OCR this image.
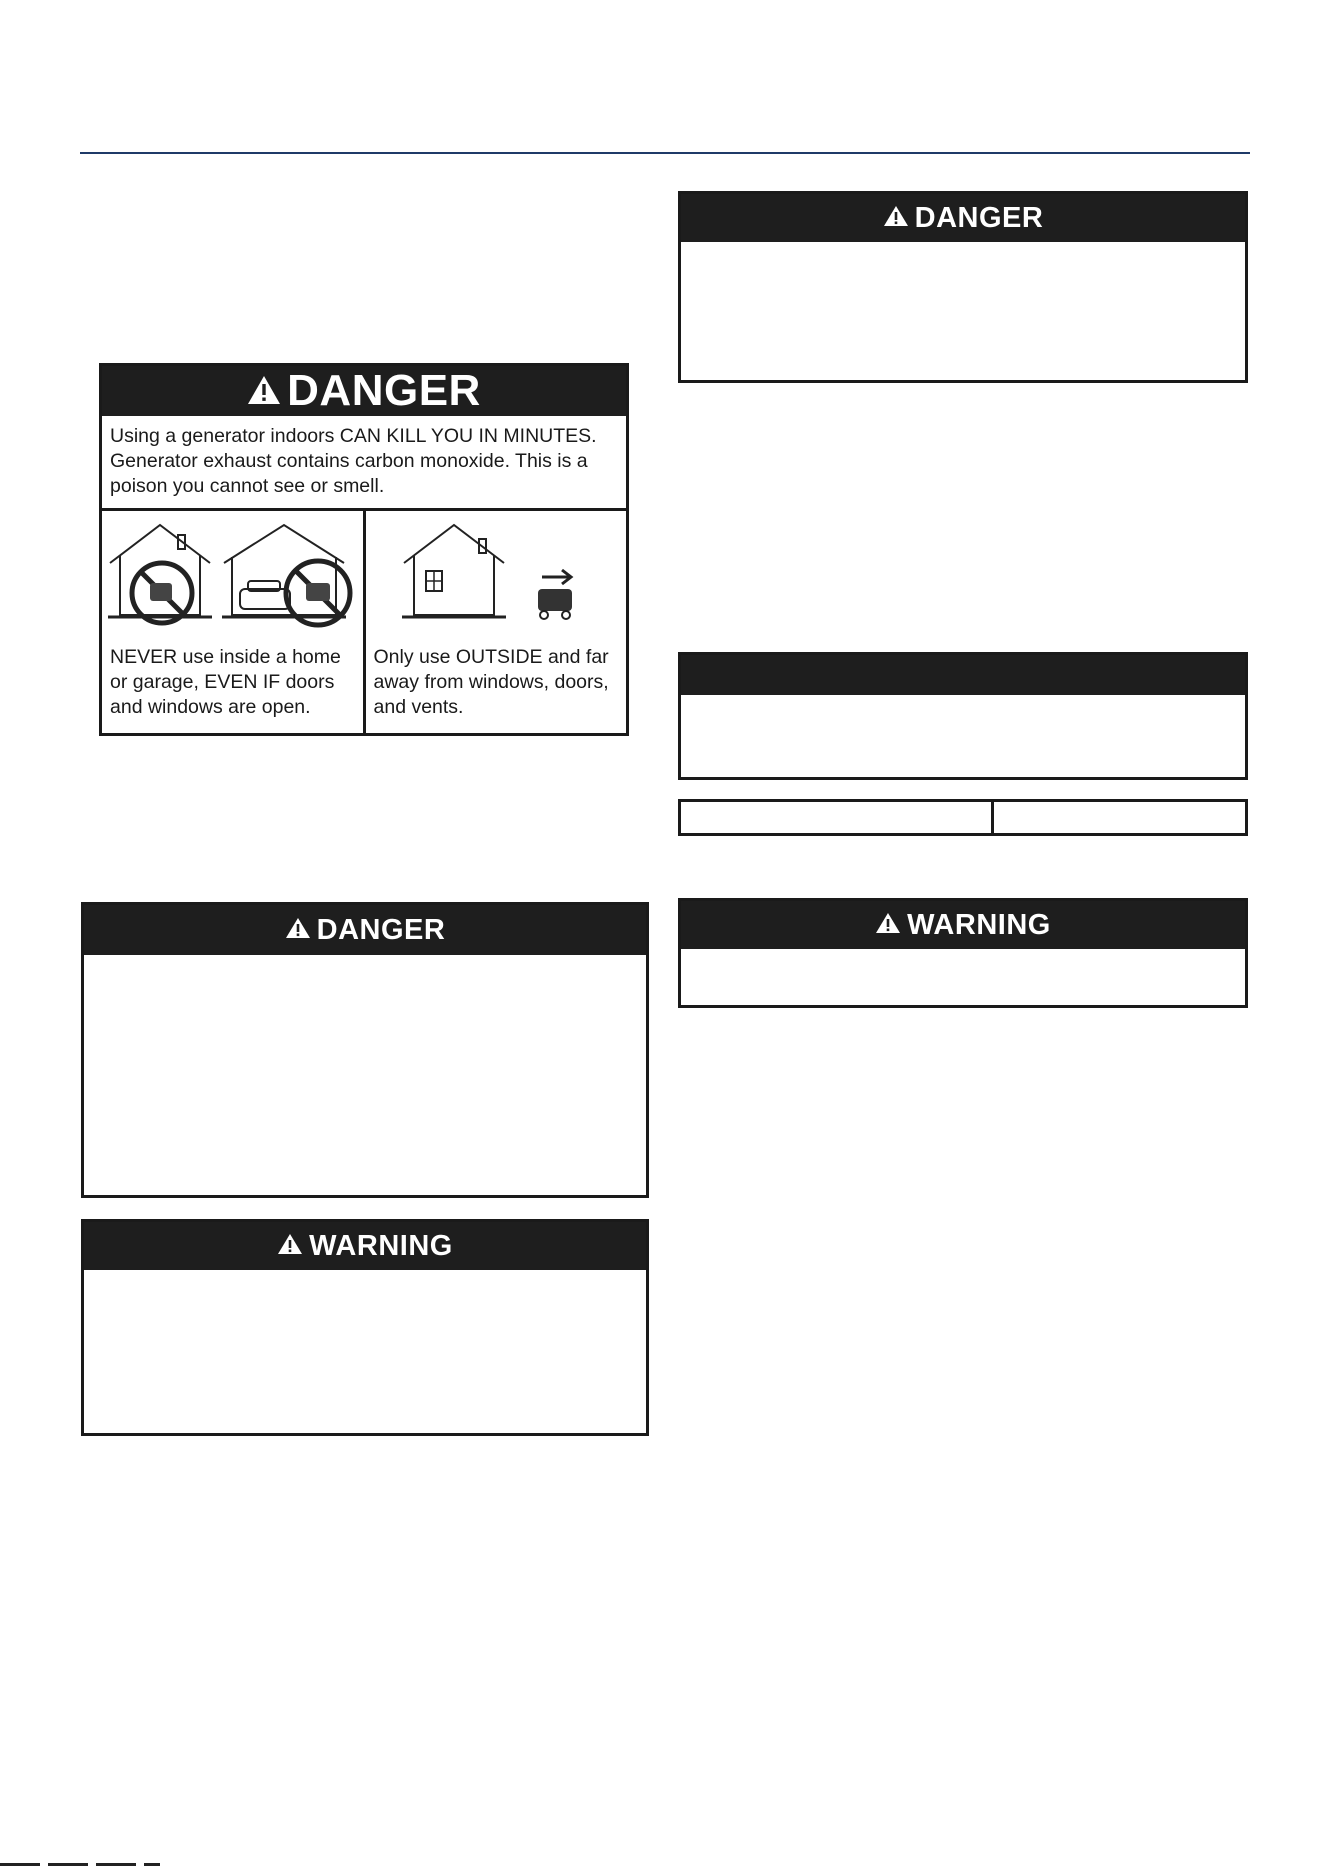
DANGER
DANGER
Using a generator indoors CAN KILL YOU IN MINUTES. Generator exhaust contains carbon monoxide. This is a poison you cannot see or smell.
NEVER use inside a home or garage, EVEN IF doors and windows are open.
Only use OUTSIDE and far away from windows, doors, and vents.
WARNING
DANGER
WARNING
